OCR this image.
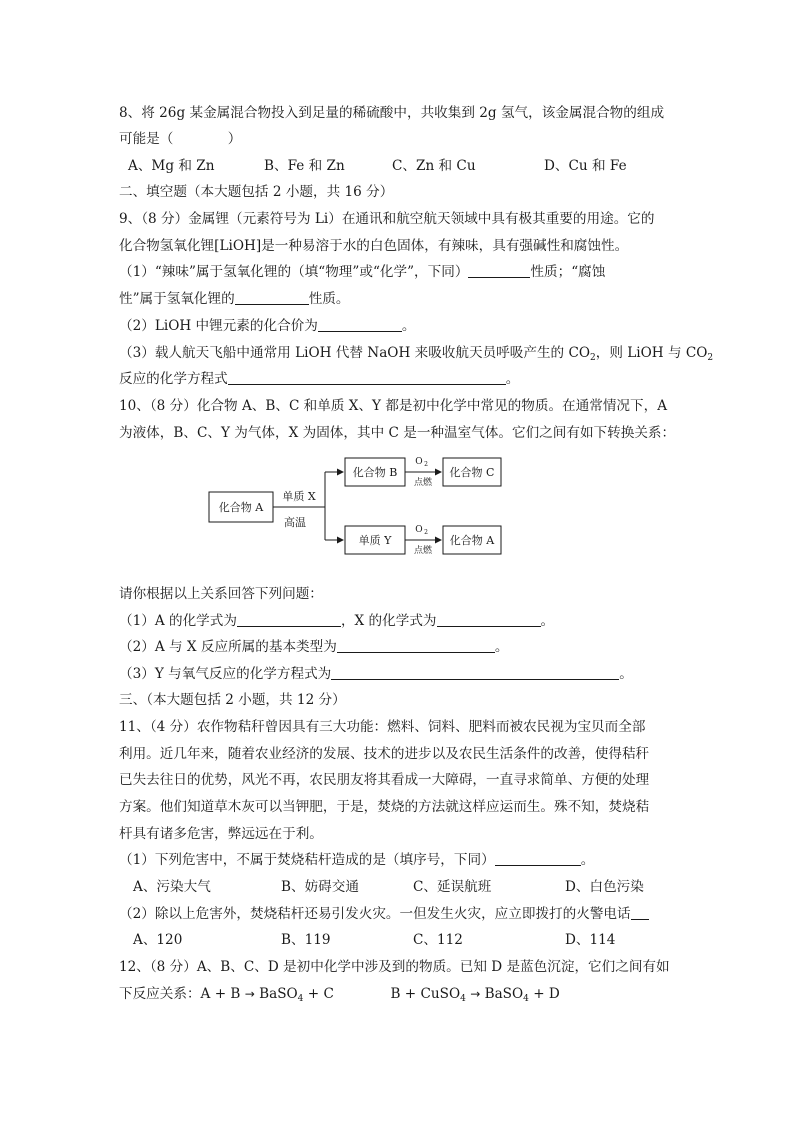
8、将 26g 某金属混合物投入到足量的稀硫酸中，共收集到 2g 氢气，该金属混合物的组成
可能是（　　　　）
A、Mg 和 Zn	B、Fe 和 Zn	C、Zn 和 Cu	D、Cu 和 Fe
二、填空题（本大题包括 2 小题，共 16 分）
9、（8 分）金属锂（元素符号为 Li）在通讯和航空航天领域中具有极其重要的用途。它的
化合物氢氧化锂[LiOH]是一种易溶于水的白色固体，有辣味，具有强碱性和腐蚀性。
（1）“辣味”属于氢氧化锂的（填“物理”或“化学”，下同）	性质；“腐蚀
性”属于氢氧化锂的	性质。
（2）LiOH 中锂元素的化合价为	。
（3）载人航天飞船中通常用 LiOH 代替 NaOH 来吸收航天员呼吸产生的 $CO_2$，则 LiOH 与 $CO_2$
反应的化学方程式	。
10、（8 分）化合物 A、B、C 和单质 X、Y 都是初中化学中常见的物质。在通常情况下，A
为液体，B、C、Y 为气体，X 为固体，其中 C 是一种温室气体。它们之间有如下转换关系：
化合物 A
单质 X
高温
化合物 B
单质 Y
O 2
点燃
O 2
点燃
化合物 C
化合物 A
请你根据以上关系回答下列问题：
（1）A 的化学式为	，X 的化学式为	。
（2）A 与 X 反应所属的基本类型为	。
（3）Y 与氧气反应的化学方程式为	。
三、（本大题包括 2 小题，共 12 分）
11、（4 分）农作物秸秆曾因具有三大功能：燃料、饲料、肥料而被农民视为宝贝而全部
利用。近几年来，随着农业经济的发展、技术的进步以及农民生活条件的改善，使得秸秆
已失去往日的优势，风光不再，农民朋友将其看成一大障碍，一直寻求简单、方便的处理
方案。他们知道草木灰可以当钾肥，于是，焚烧的方法就这样应运而生。殊不知，焚烧秸
杆具有诸多危害，弊远远在于利。
（1）下列危害中，不属于焚烧秸杆造成的是（填序号，下同）	。
A、污染大气	B、妨碍交通	C、延误航班	D、白色污染
（2）除以上危害外，焚烧秸杆还易引发火灾。一但发生火灾，应立即拨打的火警电话
A、120	B、119	C、112	D、114
12、（8 分）A、B、C、D 是初中化学中涉及到的物质。已知 D 是蓝色沉淀，它们之间有如
下反应关系：A + B → BaSO$_4$ + C	B + CuSO$_4$ → BaSO$_4$ + D
